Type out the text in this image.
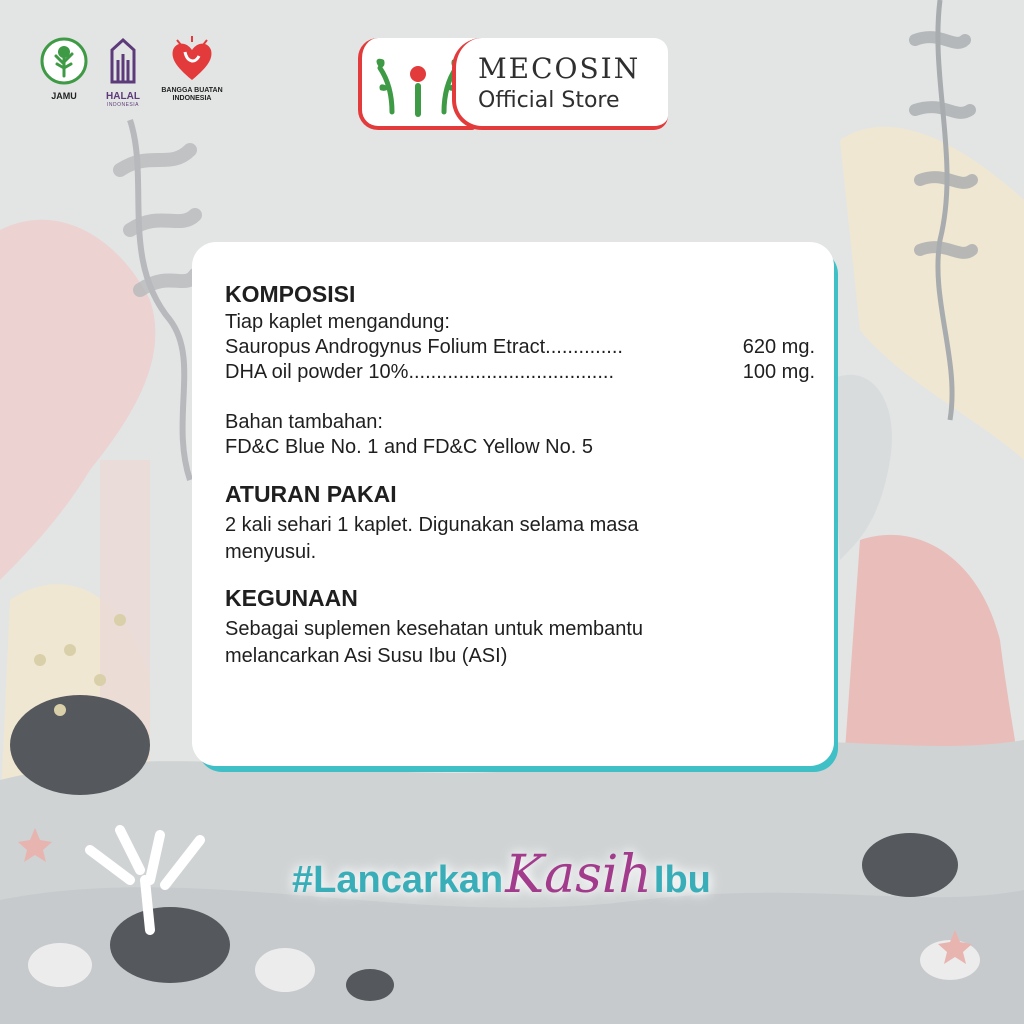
JAMU	HALAL
INDONESIA
BANGGA BUATAN
INDONESIA
MECOSIN
Official Store

KOMPOSISI

Tiap kaplet mengandung:

Sauropus Androgynus Folium Etract ..............	620 mg.
DHA oil powder 10% .....................................	100 mg.

Bahan tambahan:

FD&C Blue No. 1 and FD&C Yellow No. 5

ATURAN PAKAI

2 kali sehari 1 kaplet. Digunakan selama masa

menyusui.

KEGUNAAN

Sebagai suplemen kesehatan untuk membantu

melancarkan Asi Susu Ibu (ASI)

#LancarkanKasihIbu
